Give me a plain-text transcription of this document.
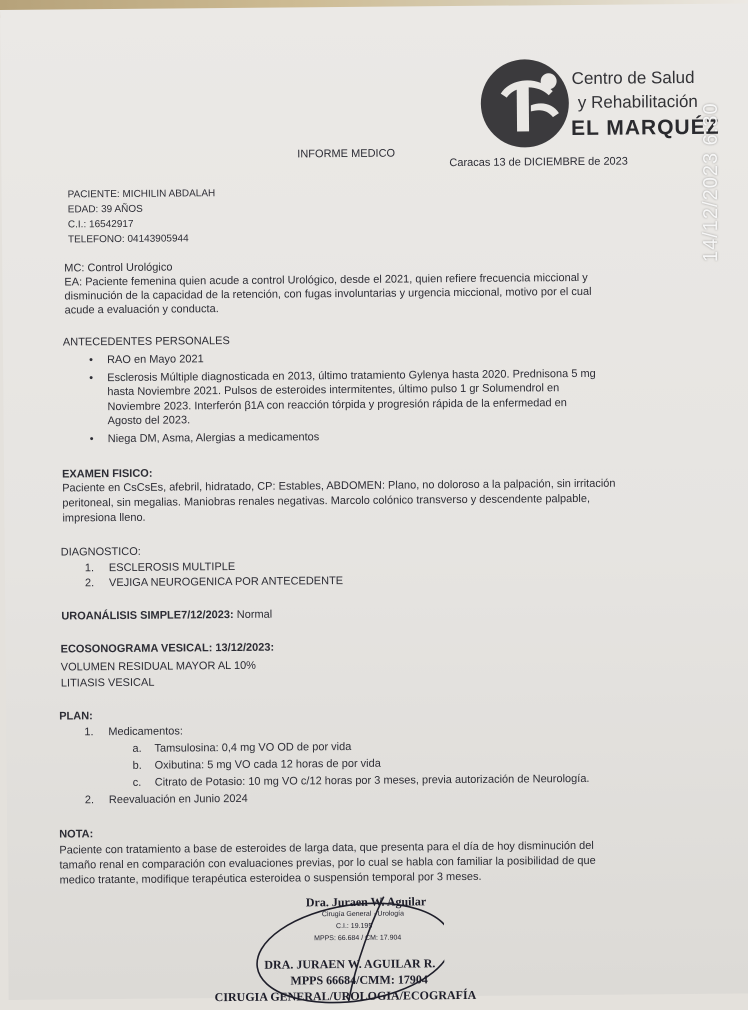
Centro de Salud
y Rehabilitación
EL MARQUÉZ
INFORME MEDICO
Caracas 13 de DICIEMBRE de 2023
PACIENTE: MICHILIN ABDALAH
EDAD: 39 AÑOS
C.I.: 16542917
TELEFONO: 04143905944
MC: Control Urológico
EA: Paciente femenina quien acude a control Urológico, desde el 2021, quien refiere frecuencia miccional y
disminución de la capacidad de la retención, con fugas involuntarias y urgencia miccional, motivo por el cual
acude a evaluación y conducta.
ANTECEDENTES PERSONALES
• RAO en Mayo 2021
• Esclerosis Múltiple diagnosticada en 2013, último tratamiento Gylenya hasta 2020. Prednisona 5 mg
hasta Noviembre 2021. Pulsos de esteroides intermitentes, último pulso 1 gr Solumendrol en
Noviembre 2023. Interferón β1A con reacción tórpida y progresión rápida de la enfermedad en
Agosto del 2023.
• Niega DM, Asma, Alergias a medicamentos
EXAMEN FISICO:
Paciente en CsCsEs, afebril, hidratado, CP: Estables, ABDOMEN: Plano, no doloroso a la palpación, sin irritación
peritoneal, sin megalias. Maniobras renales negativas. Marcolo colónico transverso y descendente palpable,
impresiona lleno.
DIAGNOSTICO:
1. ESCLEROSIS MULTIPLE
2. VEJIGA NEUROGENICA POR ANTECEDENTE
UROANÁLISIS SIMPLE7/12/2023: Normal
ECOSONOGRAMA VESICAL: 13/12/2023:
VOLUMEN RESIDUAL MAYOR AL 10%
LITIASIS VESICAL
PLAN:
1. Medicamentos:
a. Tamsulosina: 0,4 mg VO OD de por vida
b. Oxibutina: 5 mg VO cada 12 horas de por vida
c. Citrato de Potasio: 10 mg VO c/12 horas por 3 meses, previa autorización de Neurología.
2. Reevaluación en Junio 2024
NOTA:
Paciente con tratamiento a base de esteroides de larga data, que presenta para el día de hoy disminución del
tamaño renal en comparación con evaluaciones previas, por lo cual se habla con familiar la posibilidad de que
medico tratante, modifique terapéutica esteroidea o suspensión temporal por 3 meses.
Dra. Juraen W. Aguilar
Cirugía General · Urología
C.I.: 19.195
MPPS: 66.684 / CM: 17.904
DRA. JURAEN W. AGUILAR R.
MPPS 66684/CMM: 17904
CIRUGIA GENERAL/UROLOGIA/ECOGRAFÍA
14/12/2023 6:30
